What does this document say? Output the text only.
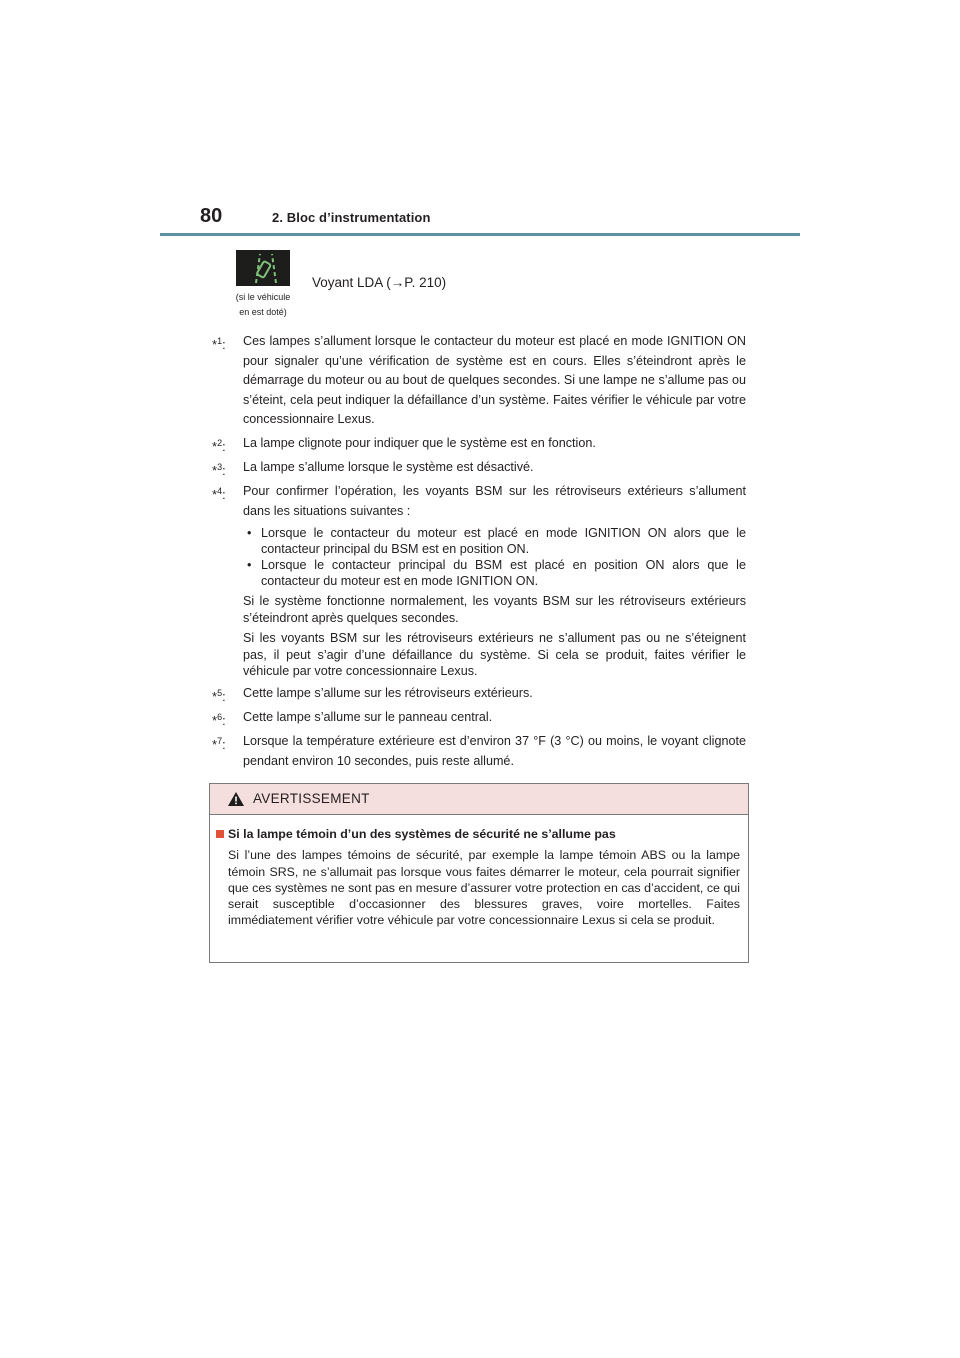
80	2. Bloc d’instrumentation
(si le véhicule
en est doté)
Voyant LDA (→P. 210)
*$^1$:	Ces lampes s’allument lorsque le contacteur du moteur est placé en mode IGNITION ON pour signaler qu’une vérification de système est en cours. Elles s’éteindront après le démarrage du moteur ou au bout de quelques secondes. Si une lampe ne s’allume pas ou s’éteint, cela peut indiquer la défaillance d’un système. Faites vérifier le véhicule par votre concessionnaire Lexus.
*$^2$:	La lampe clignote pour indiquer que le système est en fonction.
*$^3$:	La lampe s’allume lorsque le système est désactivé.
*$^4$:	Pour confirmer l’opération, les voyants BSM sur les rétroviseurs extérieurs s’allument dans les situations suivantes :
• Lorsque le contacteur du moteur est placé en mode IGNITION ON alors que le contacteur principal du BSM est en position ON.
• Lorsque le contacteur principal du BSM est placé en position ON alors que le contacteur du moteur est en mode IGNITION ON.
Si le système fonctionne normalement, les voyants BSM sur les rétroviseurs extérieurs s’éteindront après quelques secondes.
Si les voyants BSM sur les rétroviseurs extérieurs ne s’allument pas ou ne s’éteignent pas, il peut s’agir d’une défaillance du système. Si cela se produit, faites vérifier le véhicule par votre concessionnaire Lexus.
*$^5$:	Cette lampe s’allume sur les rétroviseurs extérieurs.
*$^6$:	Cette lampe s’allume sur le panneau central.
*$^7$:	Lorsque la température extérieure est d’environ 37 °F (3 °C) ou moins, le voyant clignote pendant environ 10 secondes, puis reste allumé.
AVERTISSEMENT
Si la lampe témoin d’un des systèmes de sécurité ne s’allume pas
Si l’une des lampes témoins de sécurité, par exemple la lampe témoin ABS ou la lampe témoin SRS, ne s’allumait pas lorsque vous faites démarrer le moteur, cela pourrait signifier que ces systèmes ne sont pas en mesure d’assurer votre protection en cas d’accident, ce qui serait susceptible d’occasionner des blessures graves, voire mortelles. Faites immédiatement vérifier votre véhicule par votre concessionnaire Lexus si cela se produit.
